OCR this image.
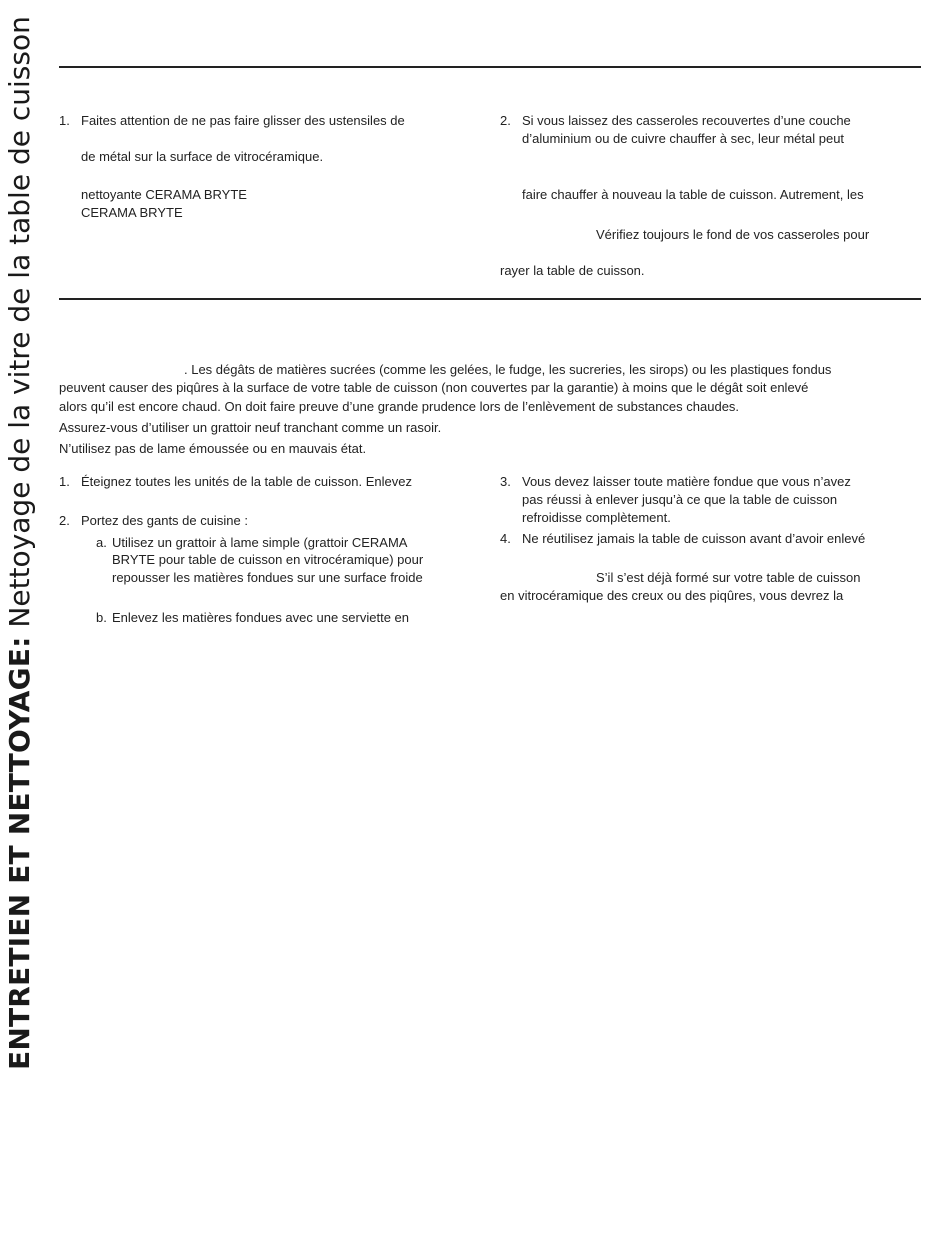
ENTRETIEN ET NETTOYAGE: Nettoyage de la vitre de la table de cuisson 1. Faites attention de ne pas faire glisser des ustensiles de
de métal sur la surface de vitrocéramique.
nettoyante CERAMA BRYTE
CERAMA BRYTE
2. Si vous laissez des casseroles recouvertes d’une couche
d’aluminium ou de cuivre chauffer à sec, leur métal peut
faire chauffer à nouveau la table de cuisson. Autrement, les
Vérifiez toujours le fond de vos casseroles pour
rayer la table de cuisson.
. Les dégâts de matières sucrées (comme les gelées, le fudge, les sucreries, les sirops) ou les plastiques fondus
peuvent causer des piqûres à la surface de votre table de cuisson (non couvertes par la garantie) à moins que le dégât soit enlevé
alors qu’il est encore chaud. On doit faire preuve d’une grande prudence lors de l’enlèvement de substances chaudes.
Assurez-vous d’utiliser un grattoir neuf tranchant comme un rasoir.
N’utilisez pas de lame émoussée ou en mauvais état.
1. Éteignez toutes les unités de la table de cuisson. Enlevez
2. Portez des gants de cuisine :
a. Utilisez un grattoir à lame simple (grattoir CERAMA
BRYTE pour table de cuisson en vitrocéramique) pour
repousser les matières fondues sur une surface froide
b. Enlevez les matières fondues avec une serviette en
3. Vous devez laisser toute matière fondue que vous n’avez
pas réussi à enlever jusqu’à ce que la table de cuisson
refroidisse complètement.
4. Ne réutilisez jamais la table de cuisson avant d’avoir enlevé
S’il s’est déjà formé sur votre table de cuisson
en vitrocéramique des creux ou des piqûres, vous devrez la
